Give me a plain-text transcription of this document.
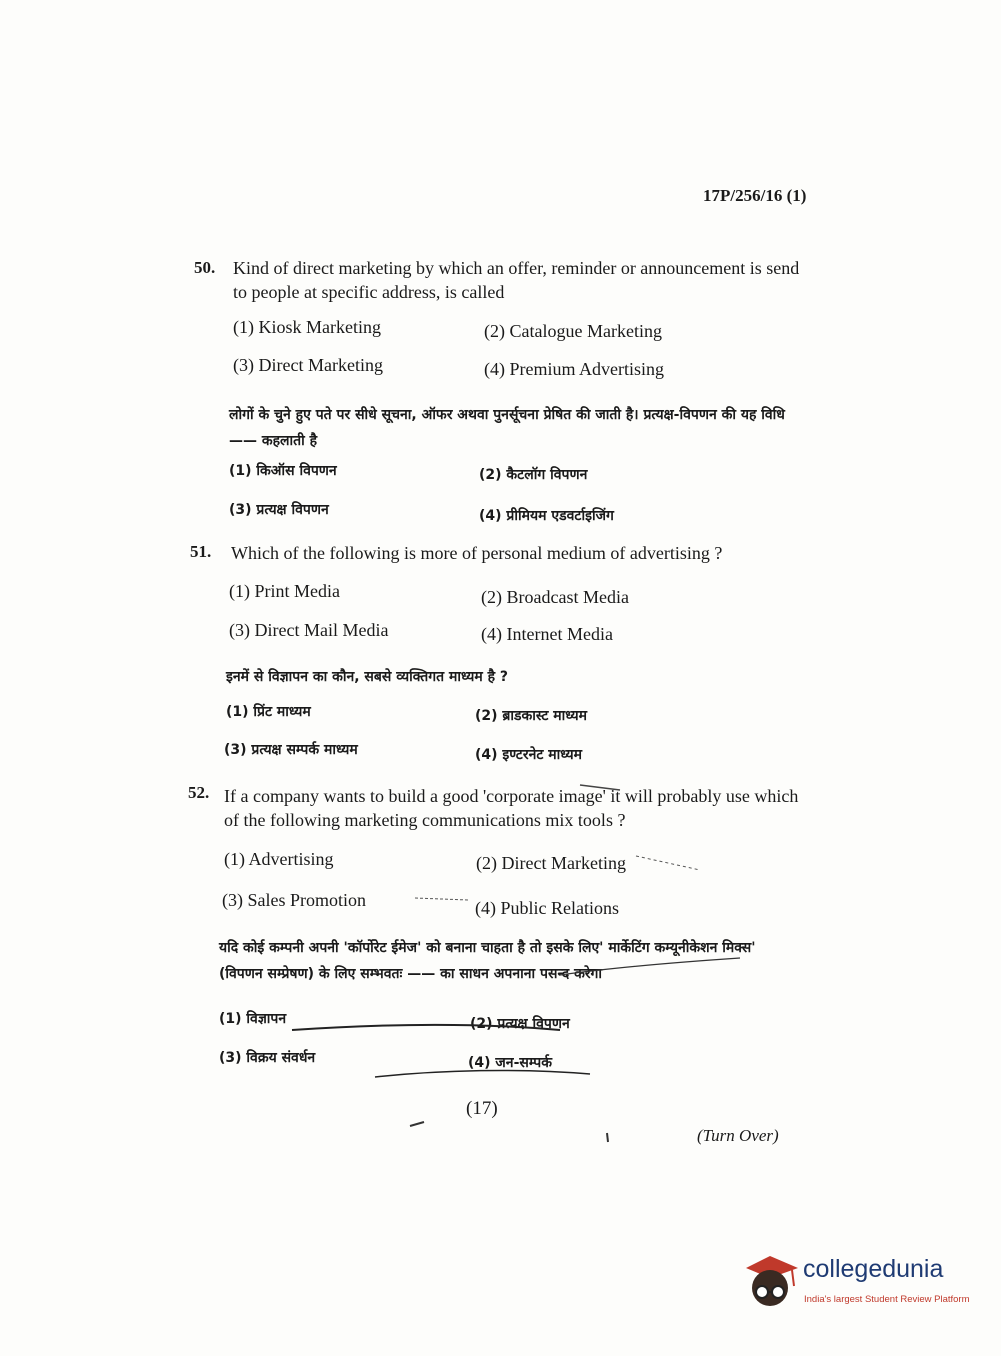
17P/256/16 (1)
50. Kind of direct marketing by which an offer, reminder or announcement is send to people at specific address, is called
(1) Kiosk Marketing	(2) Catalogue Marketing
(3) Direct Marketing	(4) Premium Advertising
लोगों के चुने हुए पते पर सीधे सूचना, ऑफर अथवा पुनर्सूचना प्रेषित की जाती है। प्रत्यक्ष-विपणन की यह विधि —— कहलाती है
(1) किऑस विपणन	(2) कैटलॉग विपणन
(3) प्रत्यक्ष विपणन	(4) प्रीमियम एडवर्टाइजिंग
51. Which of the following is more of personal medium of advertising ?
(1) Print Media	(2) Broadcast Media
(3) Direct Mail Media	(4) Internet Media
इनमें से विज्ञापन का कौन, सबसे व्यक्तिगत माध्यम है ?
(1) प्रिंट माध्यम	(2) ब्राडकास्ट माध्यम
(3) प्रत्यक्ष सम्पर्क माध्यम	(4) इण्टरनेट माध्यम
52. If a company wants to build a good 'corporate image' it will probably use which of the following marketing communications mix tools ?
(1) Advertising	(2) Direct Marketing
(3) Sales Promotion	(4) Public Relations
यदि कोई कम्पनी अपनी 'कॉर्पोरेट ईमेज' को बनाना चाहता है तो इसके लिए' मार्केटिंग कम्यूनीकेशन मिक्स' (विपणन सम्प्रेषण) के लिए सम्भवतः —— का साधन अपनाना पसन्द करेगा
(1) विज्ञापन	(2) प्रत्यक्ष विपणन
(3) विक्रय संवर्धन	(4) जन-सम्पर्क
(17)
(Turn Over)
collegedunia
India's largest Student Review Platform
